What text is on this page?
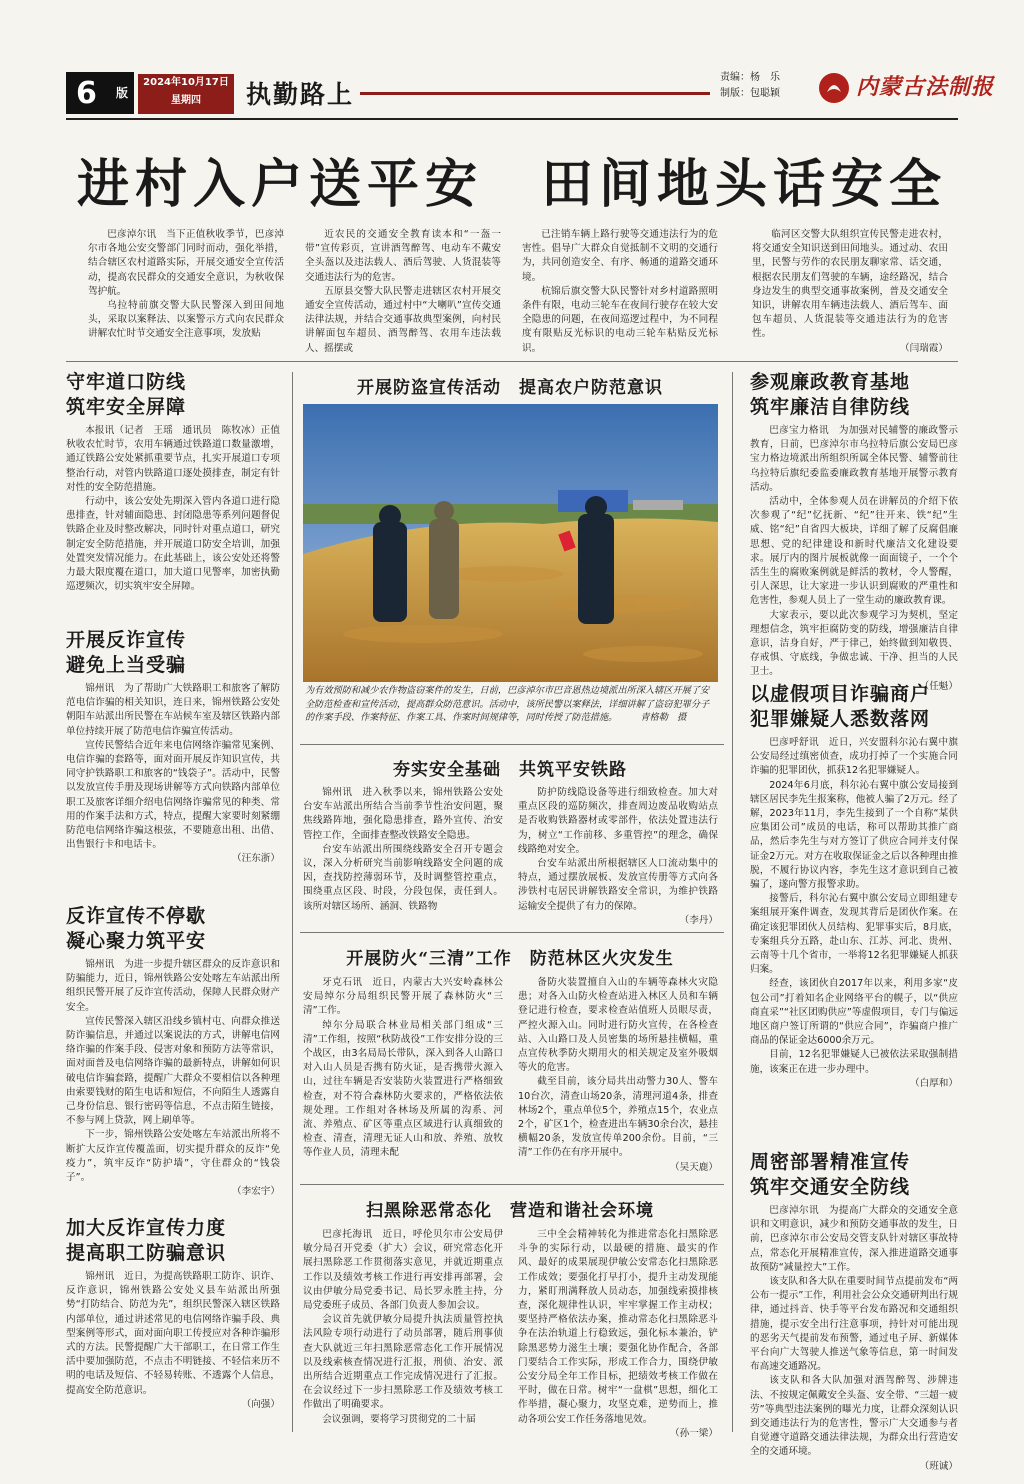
6 版
2024年10月17日
星期四	执勤路上
责编：杨　乐
制版：包聪颖	内蒙古法制报
进村入户送平安　田间地头话安全

巴彦淖尔讯　当下正值秋收季节，巴彦淖尔市各地公安交警部门同时而动，强化举措，结合辖区农村道路实际，开展交通安全宣传活动，提高农民群众的交通安全意识，为秋收保驾护航。

乌拉特前旗交警大队民警深入到田间地头，采取以案释法、以案警示方式向农民群众讲解农忙时节交通安全注意事项，发放贴

近农民的交通安全教育读本和“一盔一带”宣传彩页，宣讲酒驾醉驾、电动车不戴安全头盔以及违法载人、酒后驾驶、人货混装等交通违法行为的危害。

五原县交警大队民警走进辖区农村开展交通安全宣传活动，通过村中“大喇叭”宣传交通法律法规，并结合交通事故典型案例，向村民讲解面包车超员、酒驾醉驾、农用车违法载人、摇摆或

已注销车辆上路行驶等交通违法行为的危害性。倡导广大群众自觉抵制不文明的交通行为，共同创造安全、有序、畅通的道路交通环境。

杭锦后旗交警大队民警针对乡村道路照明条件有限，电动三轮车在夜间行驶存在较大安全隐患的问题，在夜间巡逻过程中，为不同程度有限贴反光标识的电动三轮车粘贴反光标识。

临河区交警大队组织宣传民警走进农村，将交通安全知识送到田间地头。通过动、农田里，民警与劳作的农民朋友聊家常、话交通，根据农民朋友们驾驶的车辆，途经路况，结合身边发生的典型交通事故案例，普及交通安全知识，讲解农用车辆违法载人、酒后驾车、面包车超员、人货混装等交通违法行为的危害性。

（闫瑞霞）

守牢道口防线
筑牢安全屏障

本报讯（记者　王瑶　通讯员　陈牧冰）正值秋收农忙时节，农用车辆通过铁路道口数量激增，通辽铁路公安处紧抓重要节点，扎实开展道口专项整治行动，对管内铁路道口逐处摸排查，制定有针对性的安全防范措施。

行动中，该公安处先期深入管内各道口进行隐患排查，针对辅面隐患、封闭隐患等系列问题督促铁路企业及时整改解决，同时针对重点道口，研究制定安全防范措施，并开展道口防安全培训，加强处置突发情况能力。在此基础上，该公安处还将警力最大限度覆在道口，加大道口见警率，加密执勤巡逻频次，切实筑牢安全屏障。

开展反诈宣传
避免上当受骗

锦州讯　为了帮助广大铁路职工和旅客了解防范电信诈骗的相关知识，连日来，锦州铁路公安处朝阳车站派出所民警在车站候车室及辖区铁路内部单位持续开展了防范电信诈骗宣传活动。

宣传民警结合近年来电信网络诈骗常见案例、电信诈骗的套路等，面对面开展反诈知识宣传，共同守护铁路职工和旅客的“钱袋子”。活动中，民警以发放宣传手册及现场讲解等方式向铁路内部单位职工及旅客详细介绍电信网络诈骗常见的种类、常用的作案手法和方式，特点，提醒大家要时刻紧绷防范电信网络诈骗这根弦，不要随意出租、出借、出售银行卡和电话卡。

（汪东浙）

反诈宣传不停歇
凝心聚力筑平安

锦州讯　为进一步提升辖区群众的反诈意识和防骗能力，近日，锦州铁路公安处喀左车站派出所组织民警开展了反诈宣传活动，保障人民群众财产安全。

宣传民警深入辖区沿线乡镇村屯、向群众推送防诈骗信息，并通过以案说法的方式，讲解电信网络诈骗的作案手段、侵害对象和预防方法等常识，面对面普及电信网络诈骗的最新特点，讲解如何识破电信诈骗套路，提醒广大群众不要相信以各种理由索要钱财的陌生电话和短信，不向陌生人透露自己身份信息、银行密码等信息，不点击陌生链接，不参与网上贷款，网上刷单等。

下一步，锦州铁路公安处喀左车站派出所将不断扩大反诈宣传覆盖面，切实提升群众的反诈“免疫力”，筑牢反诈“防护墙”，守住群众的“钱袋子”。

（李宏宇）

加大反诈宣传力度
提高职工防骗意识

锦州讯　近日，为提高铁路职工防诈、识诈、反诈意识，锦州铁路公安处义县车站派出所强势“打防结合、防范为先”，组织民警深入辖区铁路内部单位，通过讲述常见的电信网络诈骗手段、典型案例等形式，面对面向职工传授应对各种诈骗形式的方法。民警提醒广大干部职工，在日常工作生活中要加强防范，不点击不明链接、不轻信来历不明的电话及短信、不轻易转账、不透露个人信息，提高安全防范意识。

（向强）

开展防盗宣传活动　提高农户防范意识
为有效预防和减少农作物盗窃案件的发生，日前，巴彦淖尔市巴音恩热边境派出所深入辖区开展了安全防范检查和宣传活动，提高群众防范意识。活动中，该所民警以案释法，详细讲解了盗窃犯罪分子的作案手段、作案特征、作案工具、作案时间规律等，同时传授了防范措施。　　　青格勒　摄
夯实安全基础　共筑平安铁路

锦州讯　进入秋季以来，锦州铁路公安处台安车站派出所结合当前季节性治安问题，聚焦线路阵地，强化隐患排查，路外宣传、治安管控工作，全面排查整改铁路安全隐患。

台安车站派出所围绕线路安全召开专题会议，深入分析研究当前影响线路安全问题的成因，查找防控薄弱环节，及时调整管控重点，围绕重点区段、时段，分段包保，责任到人。该所对辖区场所、涵洞、铁路物

防护防线隐设备等进行细致检查。加大对重点区段的巡防频次，排查周边废品收购站点是否收购铁路器材或零部件，依法处置违法行为，树立“工作前移、多重管控”的理念，确保线路绝对安全。

台安车站派出所根据辖区人口流动集中的特点，通过摆放展板、发放宣传册等方式向各涉铁村屯居民讲解铁路安全常识，为维护铁路运输安全提供了有力的保障。

（李丹）

开展防火“三清”工作　防范林区火灾发生

牙克石讯　近日，内蒙古大兴安岭森林公安局绰尔分局组织民警开展了森林防火“三清”工作。

绰尔分局联合林业局相关部门组成“三清”工作组，按照“秋防战役”工作安排分设的三个战区，由3名局局长带队，深入到各人山路口对入山人员是否携有防火证，是否携带火源入山，过往车辆是否安装防火装置进行严格细致检查，对不符合森林防火要求的，严格依法依规处理。工作组对各林场及所属的沟系、河流、养殖点、矿区等重点区域进行认真细致的检查、清查，清理无证人山和放、养殖、放牧等作业人员，清理未配

备防火装置擅自入山的车辆等森林火灾隐患；对各入山防火检查站进入林区人员和车辆登记进行检查，要求检查站值班人员眼尽责，严控火源入山。同时进行防火宣传，在各检查站、入山路口及人员密集的场所悬挂横幅，重点宣传秋季防火期用火的相关规定及室外吸烟等火的危害。

截至目前，该分局共出动警力30人、警车10台次，清查山场20条，清理河道4条，排查林场2个，重点单位5个，养殖点15个，农业点2个，矿区1个，检查进出车辆30余台次，悬挂横幅20条，发放宣传单200余份。目前，“三清”工作仍在有序开展中。

（吴天鹿）

扫黑除恶常态化　营造和谐社会环境

巴彦托海讯　近日，呼伦贝尔市公安局伊敏分局召开党委（扩大）会议，研究常态化开展扫黑除恶工作贯彻落实意见，并就近期重点工作以及绩效考核工作进行再安排再部署，会议由伊敏分局党委书记、局长罗永胜主持，分局党委班子成员、各部门负责人参加会议。

会议首先就伊敏分局提升执法质量管控执法风险专项行动进行了动员部署，随后刑事侦查大队就近三年扫黑除恶常态化工作开展情况以及线索核查情况进行汇报，刑侦、治安、派出所结合近期重点工作完成情况进行了汇报。在会议经过下一步扫黑除恶工作及绩效考核工作做出了明确要求。

会议强调，要将学习贯彻党的二十届

三中全会精神转化为推进常态化扫黑除恶斗争的实际行动，以最硬的措施、最实的作风、最好的成果展现伊敏公安常态化扫黑除恶工作成效；要强化打早打小，提升主动发现能力，紧盯刑满释放人员动态，加强线索摸排核查，深化规律性认识，牢牢掌握工作主动权；要坚持严格依法办案，推动常态化扫黑除恶斗争在法治轨道上行稳致远，强化标本兼治，铲除黑恶势力滋生土壤；要强化协作配合，各部门要结合工作实际，形成工作合力，围绕伊敏公安分局全年工作目标，把绩效考核工作做在平时，做在日常。树牢“一盘棋”思想，细化工作举措，凝心聚力，攻坚克难，逆势而上，推动各项公安工作任务落地见效。

（孙一梁）

参观廉政教育基地
筑牢廉洁自律防线

巴彦宝力格讯　为加强对民辅警的廉政警示教育，日前，巴彦淖尔市乌拉特后旗公安局巴彦宝力格边境派出所组织所属全体民警、辅警前往乌拉特后旗纪委监委廉政教育基地开展警示教育活动。

活动中，全体参观人员在讲解员的介绍下依次参观了“纪”忆抚新、“纪”往开来、铁“纪”生威、铭“纪”自省四大板块，详细了解了反腐倡廉思想、党的纪律建设和新时代廉洁文化建设要求。展厅内的图片展板就像一面面镜子，一个个活生生的腐败案例就是鲜活的教材，令人警醒，引人深思，让大家进一步认识到腐败的严重性和危害性，参观人员上了一堂生动的廉政教育课。

大家表示，要以此次参观学习为契机，坚定理想信念，筑牢拒腐防变的防线，增强廉洁自律意识，洁身自好，严于律己，始终做到知敬畏、存戒惧、守底线，争做忠诚、干净、担当的人民卫士。

（任魁）

以虚假项目诈骗商户
犯罪嫌疑人悉数落网

巴彦呼舒讯　近日，兴安盟科尔沁右翼中旗公安局经过缜密侦查，成功打掉了一个实施合同诈骗的犯罪团伙，抓获12名犯罪嫌疑人。

2024年6月底，科尔沁右翼中旗公安局接到辖区居民李先生报案称，他被人骗了2万元。经了解，2023年11月，李先生接到了一个自称“某供应集团公司”成员的电话，称可以帮助其推广商品，然后李先生与对方签订了供应合同并支付保证金2万元。对方在收取保证金之后以各种理由推脱，不履行协议内容，李先生这才意识到自己被骗了，遂向警方报警求助。

接警后，科尔沁右翼中旗公安局立即组建专案组展开案件调查，发现其背后是团伙作案。在确定该犯罪团伙人员结构、犯罪事实后，8月底，专案组兵分五路，赴山东、江苏、河北、贵州、云南等十几个省市，一举将12名犯罪嫌疑人抓获归案。

经查，该团伙自2017年以来，利用多家“皮包公司”打着知名企业网络平台的幌子，以“供应商直采”“社区团购供应”等虚假项目，专门与偏远地区商户签订所谓的“供应合同”，诈骗商户推广商品的保证金达6000余万元。

目前，12名犯罪嫌疑人已被依法采取强制措施，该案正在进一步办理中。

（白厚和）

周密部署精准宣传
筑牢交通安全防线

巴彦淖尔讯　为提高广大群众的交通安全意识和文明意识，减少和预防交通事故的发生，日前，巴彦淖尔市公安局交管支队针对辖区事故特点，常态化开展精准宣传，深入推进道路交通事故预防“减量控大”工作。

该支队和各大队在重要时间节点提前发布“两公布一提示”工作，利用社会公众交通研判出行规律，通过抖音、快手等平台发布路况和交通组织措施，提示安全出行注意事项，持针对可能出现的恶劣天气提前发布预警，通过电子屏、新媒体平台向广大驾驶人推送气象等信息，第一时间发布高速交通路况。

该支队和各大队加强对酒驾醉驾、涉牌违法、不按规定佩戴安全头盔、安全带、“三超一疲劳”等典型违法案例的曝光力度，让群众深刻认识到交通违法行为的危害性，警示广大交通参与者自觉遵守道路交通法律法规，为群众出行营造安全的交通环境。

（班诚）
